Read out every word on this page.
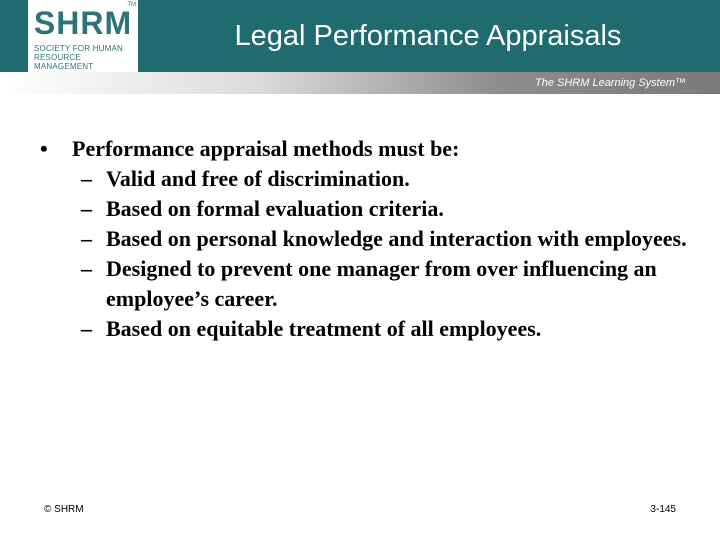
SHRM
TM
SOCIETY FOR HUMAN RESOURCE MANAGEMENT
Legal Performance Appraisals
The SHRM Learning System™
• Performance appraisal methods must be:
– Valid and free of discrimination.
– Based on formal evaluation criteria.
– Based on personal knowledge and interaction with employees.
– Designed to prevent one manager from over influencing an employee’s career.
– Based on equitable treatment of all employees.
© SHRM	3-145
